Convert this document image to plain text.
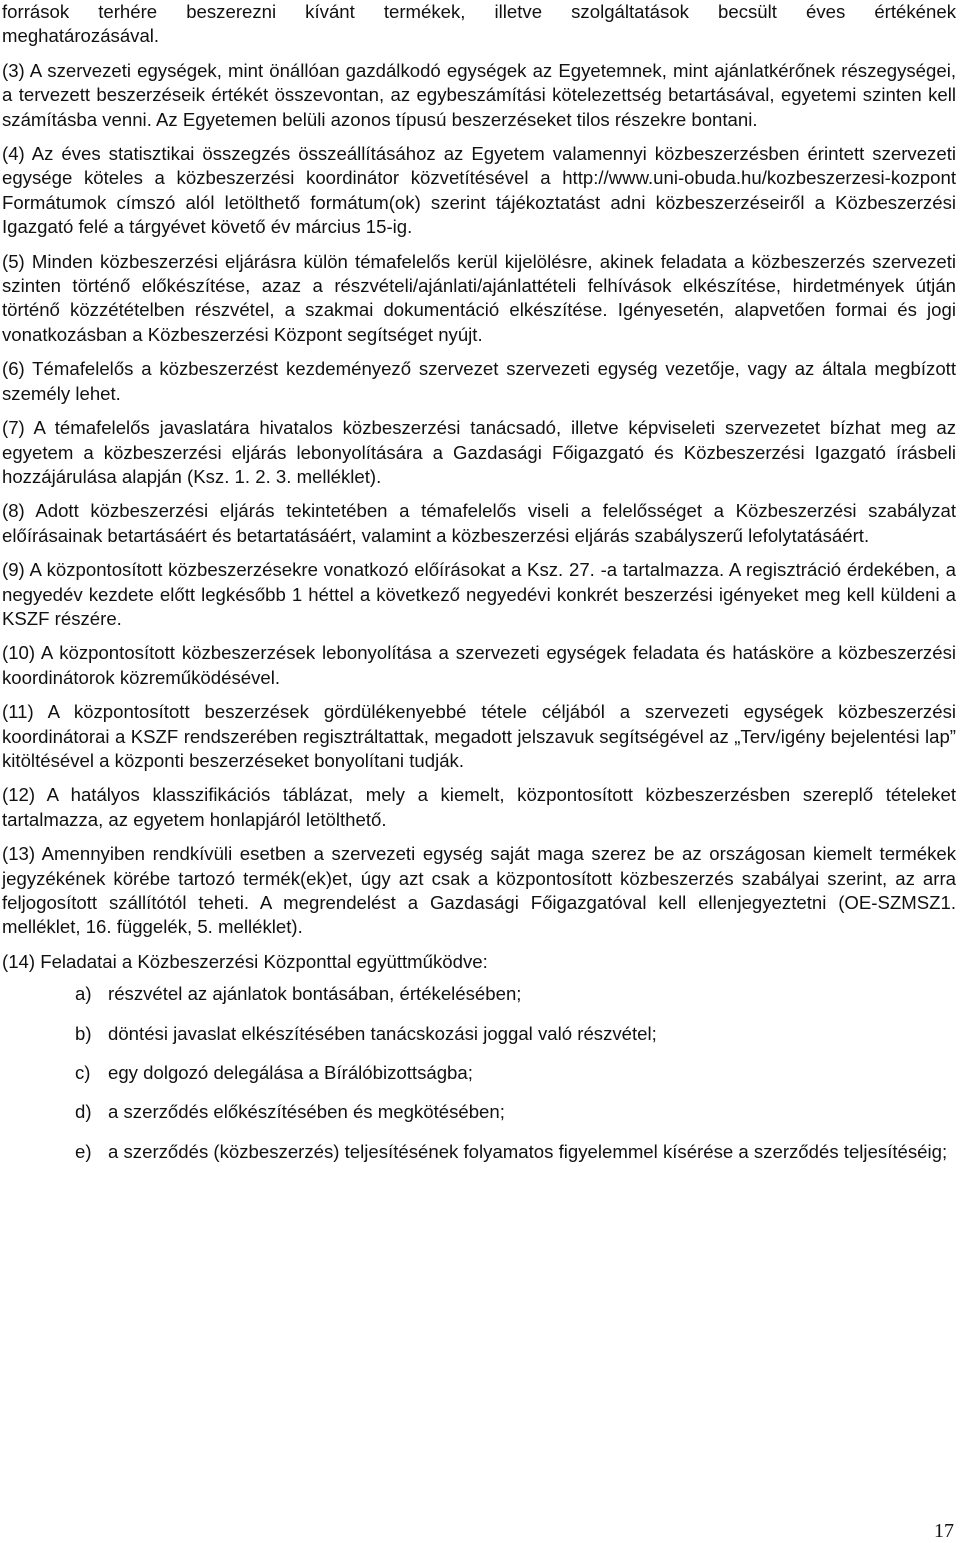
források terhére beszerezni kívánt termékek, illetve szolgáltatások becsült éves értékének
meghatározásával.

(3) A szervezeti egységek, mint önállóan gazdálkodó egységek az Egyetemnek, mint ajánlatkérőnek részegységei, a tervezett beszerzéseik értékét összevontan, az egybeszámítási kötelezettség betartásával, egyetemi szinten kell számításba venni. Az Egyetemen belüli azonos típusú beszerzéseket tilos részekre bontani.

(4) Az éves statisztikai összegzés összeállításához az Egyetem valamennyi közbeszerzésben érintett szervezeti egysége köteles a közbeszerzési koordinátor közvetítésével a http://www.uni-obuda.hu/kozbeszerzesi-kozpont Formátumok címszó alól letölthető formátum(ok) szerint tájékoztatást adni közbeszerzéseiről a Közbeszerzési Igazgató felé a tárgyévet követő év március 15-ig.

(5) Minden közbeszerzési eljárásra külön témafelelős kerül kijelölésre, akinek feladata a közbeszerzés szervezeti szinten történő előkészítése, azaz a részvételi/ajánlati/ajánlattételi felhívások elkészítése, hirdetmények útján történő közzétételben részvétel, a szakmai dokumentáció elkészítése. Igényesetén, alapvetően formai és jogi vonatkozásban a Közbeszerzési Központ segítséget nyújt.

(6) Témafelelős a közbeszerzést kezdeményező szervezet szervezeti egység vezetője, vagy az általa megbízott személy lehet.

(7) A témafelelős javaslatára hivatalos közbeszerzési tanácsadó, illetve képviseleti szervezetet bízhat meg az egyetem a közbeszerzési eljárás lebonyolítására a Gazdasági Főigazgató és Közbeszerzési Igazgató írásbeli hozzájárulása alapján (Ksz. 1. 2. 3. melléklet).

(8) Adott közbeszerzési eljárás tekintetében a témafelelős viseli a felelősséget a Közbeszerzési szabályzat előírásainak betartásáért és betartatásáért, valamint a közbeszerzési eljárás szabályszerű lefolytatásáért.

(9) A központosított közbeszerzésekre vonatkozó előírásokat a Ksz. 27. -a tartalmazza. A regisztráció érdekében, a negyedév kezdete előtt legkésőbb 1 héttel a következő negyedévi konkrét beszerzési igényeket meg kell küldeni a KSZF részére.

(10) A központosított közbeszerzések lebonyolítása a szervezeti egységek feladata és hatásköre a közbeszerzési koordinátorok közreműködésével.

(11) A központosított beszerzések gördülékenyebbé tétele céljából a szervezeti egységek közbeszerzési koordinátorai a KSZF rendszerében regisztráltattak, megadott jelszavuk segítségével az „Terv/igény bejelentési lap” kitöltésével a központi beszerzéseket bonyolítani tudják.

(12) A hatályos klasszifikációs táblázat, mely a kiemelt, központosított közbeszerzésben szereplő tételeket tartalmazza, az egyetem honlapjáról letölthető.

(13) Amennyiben rendkívüli esetben a szervezeti egység saját maga szerez be az országosan kiemelt termékek jegyzékének körébe tartozó termék(ek)et, úgy azt csak a központosított közbeszerzés szabályai szerint, az arra feljogosított szállítótól teheti. A megrendelést a Gazdasági Főigazgatóval kell ellenjegyeztetni (OE-SZMSZ1. melléklet, 16. függelék, 5. melléklet).

(14) Feladatai a Közbeszerzési Központtal együttműködve:

a) részvétel az ajánlatok bontásában, értékelésében;
b) döntési javaslat elkészítésében tanácskozási joggal való részvétel;
c) egy dolgozó delegálása a Bírálóbizottságba;
d) a szerződés előkészítésében és megkötésében;
e) a szerződés (közbeszerzés) teljesítésének folyamatos figyelemmel kísérése a szerződés teljesítéséig;
17
